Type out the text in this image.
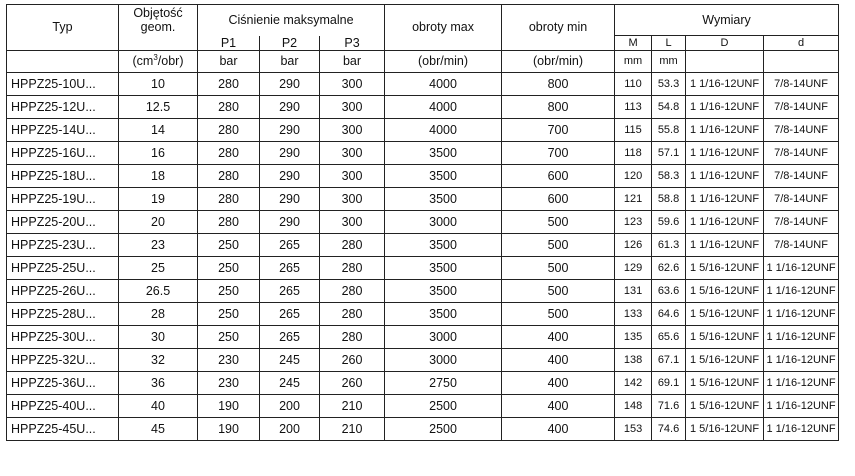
Typ	Objętość geom.	Ciśnienie maksymalne			obroty max	obroty min	Wymiary			
		P1	P2	P3			M	L	D	d
	$(cm^3/obr)$	bar	bar	bar	(obr/min)	(obr/min)	mm	mm		
HPPZ25-10U...	10	280	290	300	4000	800	110	53.3	1 1/16-12UNF	7/8-14UNF
HPPZ25-12U...	12.5	280	290	300	4000	800	113	54.8	1 1/16-12UNF	7/8-14UNF
HPPZ25-14U...	14	280	290	300	4000	700	115	55.8	1 1/16-12UNF	7/8-14UNF
HPPZ25-16U...	16	280	290	300	3500	700	118	57.1	1 1/16-12UNF	7/8-14UNF
HPPZ25-18U...	18	280	290	300	3500	600	120	58.3	1 1/16-12UNF	7/8-14UNF
HPPZ25-19U...	19	280	290	300	3500	600	121	58.8	1 1/16-12UNF	7/8-14UNF
HPPZ25-20U...	20	280	290	300	3000	500	123	59.6	1 1/16-12UNF	7/8-14UNF
HPPZ25-23U...	23	250	265	280	3500	500	126	61.3	1 1/16-12UNF	7/8-14UNF
HPPZ25-25U...	25	250	265	280	3500	500	129	62.6	1 5/16-12UNF	1 1/16-12UNF
HPPZ25-26U...	26.5	250	265	280	3500	500	131	63.6	1 5/16-12UNF	1 1/16-12UNF
HPPZ25-28U...	28	250	265	280	3500	500	133	64.6	1 5/16-12UNF	1 1/16-12UNF
HPPZ25-30U...	30	250	265	280	3000	400	135	65.6	1 5/16-12UNF	1 1/16-12UNF
HPPZ25-32U...	32	230	245	260	3000	400	138	67.1	1 5/16-12UNF	1 1/16-12UNF
HPPZ25-36U...	36	230	245	260	2750	400	142	69.1	1 5/16-12UNF	1 1/16-12UNF
HPPZ25-40U...	40	190	200	210	2500	400	148	71.6	1 5/16-12UNF	1 1/16-12UNF
HPPZ25-45U...	45	190	200	210	2500	400	153	74.6	1 5/16-12UNF	1 1/16-12UNF
